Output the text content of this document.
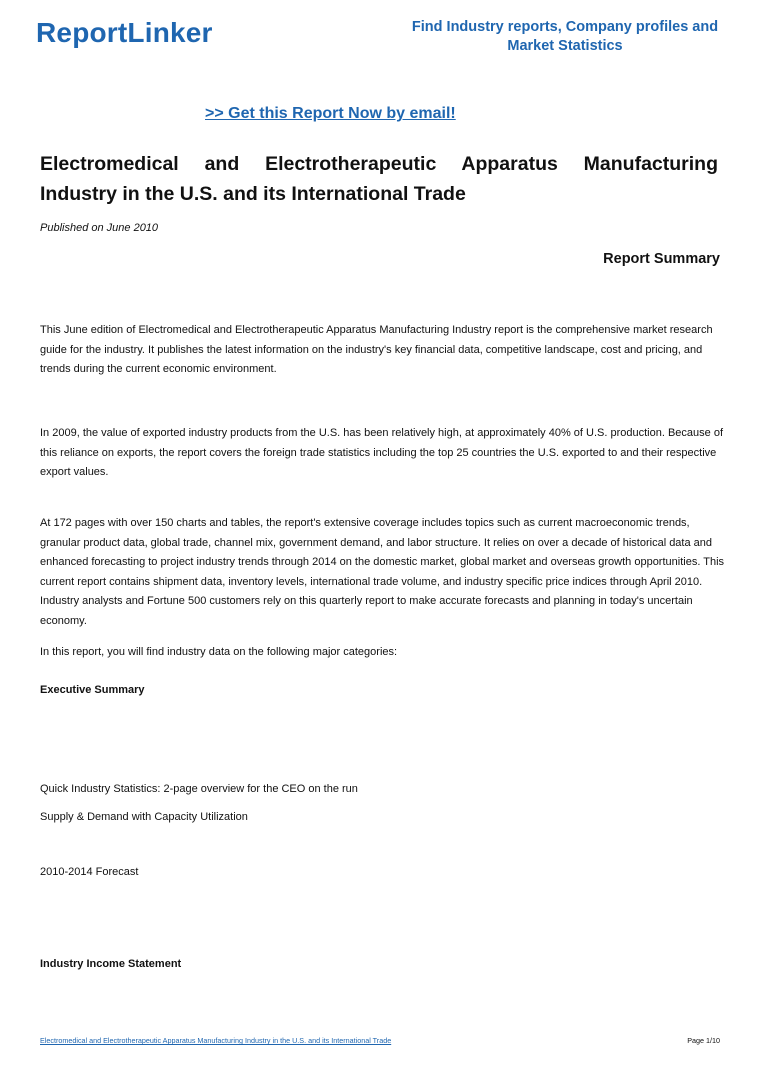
ReportLinker	Find Industry reports, Company profiles and Market Statistics
>> Get this Report Now by email!
Electromedical and Electrotherapeutic Apparatus Manufacturing Industry in the U.S. and its International Trade
Published on June 2010
Report Summary

This June edition of Electromedical and Electrotherapeutic Apparatus Manufacturing Industry report is the comprehensive market research guide for the industry. It publishes the latest information on the industry's key financial data, competitive landscape, cost and pricing, and trends during the current economic environment.

In 2009, the value of exported industry products from the U.S. has been relatively high, at approximately 40% of U.S. production. Because of this reliance on exports, the report covers the foreign trade statistics including the top 25 countries the U.S. exported to and their respective export values.

At 172 pages with over 150 charts and tables, the report's extensive coverage includes topics such as current macroeconomic trends, granular product data, global trade, channel mix, government demand, and labor structure. It relies on over a decade of historical data and enhanced forecasting to project industry trends through 2014 on the domestic market, global market and overseas growth opportunities. This current report contains shipment data, inventory levels, international trade volume, and industry specific price indices through April 2010. Industry analysts and Fortune 500 customers rely on this quarterly report to make accurate forecasts and planning in today's uncertain economy.

In this report, you will find industry data on the following major categories:

Executive Summary
Quick Industry Statistics: 2-page overview for the CEO on the run
Supply & Demand with Capacity Utilization
2010-2014 Forecast
Industry Income Statement
Electromedical and Electrotherapeutic Apparatus Manufacturing Industry in the U.S. and its International Trade	Page 1/10
